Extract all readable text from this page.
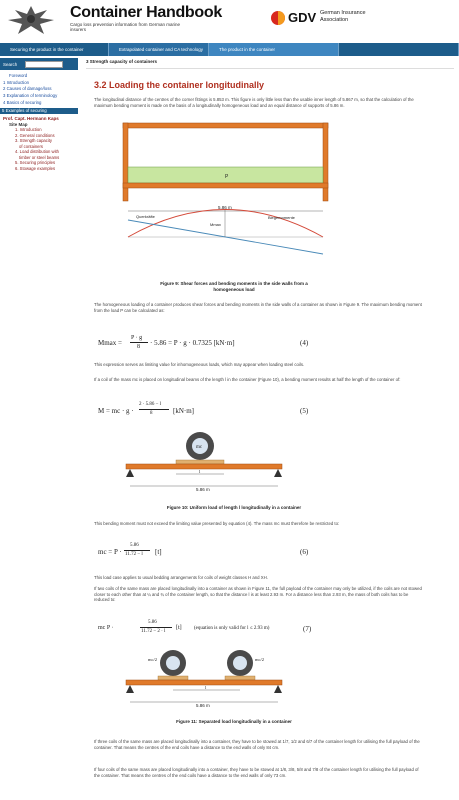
Container Handbook
Cargo loss prevention information from German marine insurers
GDV German Insurance
Association
Securing the product in the container	Extrapolated container and CA technology	The product in the container
Search
Foreword
1 Introduction
2 Causes of damage/loss
3 Explanation of terminology
4 Basics of securing
5 Examples of securing
Prof. Capt. Hermann Kaps
Site Map
1. Introduction
2. General conditions
3. Strength capacity
of containers
4. Load distribution with
timber or steel beams
5. Securing principles
6. Stowage examples
3 Strength capacity of containers
3.2 Loading the container longitudinally
The longitudinal distance of the centres of the corner fittings is 5.853 m. This figure is only little less than the usable inner length of 5.867 m, so that the calculation of the maximum bending moment is made on the basis of a longitudinally homogeneous load and an equal distance of supports of 5.86 m.
P
5.86 m
Mmax
Querkräfte	Biegemomente
Figure 9: Shear forces and bending moments in the side walls from a
homogeneous load
The homogeneous loading of a container produces shear forces and bending moments in the side walls of a container as shown in Figure 9. The maximum bending moment from the load P can be calculated as:
Mmax =
P · g
8 · 5.86 = P · g · 0.7325 [kN·m]	(4)
This expression serves as limiting value for inhomogeneous loads, which may appear when loading steel coils.
If a coil of the mass mc is placed on longitudinal beams of the length l in the container (Figure 10), a bending moment results at half the length of the container of:
M = mc · g ·
2 · 5.86 − l
8	[kN·m]	(5)
mc
l
5.86 m
Figure 10: Uniform load of length l longitudinally in a container
This bending moment must not exceed the limiting value presented by equation (4). The mass mc must therefore be restricted to:
mc = P ·
5.86
11.72 − l [t]	(6)
This load case applies to usual bedding arrangements for coils of weight classes H and XH.
If two coils of the same mass are placed longitudinally into a container as shown in Figure 11, the full payload of the container may only be utilized, if the coils are not stowed closer to each other than at ¼ and ¾ of the container length, so that the distance l is at least 2.93 m. For a distance less than 2.93 m, the mass of both coils has to be reduced to:
mc P ·
5.86
11.72 − 2 · l
[t] (equation is only valid for l ≤ 2.93 m)	(7)
mc/2	mc/2
l
5.86 m
Figure 11: Separated load longitudinally in a container
If three coils of the same mass are placed longitudinally into a container, they have to be stowed at 1/7, 1/2 and 6/7 of the container length for utilising the full payload of the container. That means the centres of the end coils have a distance to the end walls of only 84 cm.
If four coils of the same mass are placed longitudinally into a container, they have to be stowed at 1/8, 3/8, 5/8 and 7/8 of the container length for utilising the full payload of the container. That means the centres of the end coils have a distance to the end walls of only 73 cm.
